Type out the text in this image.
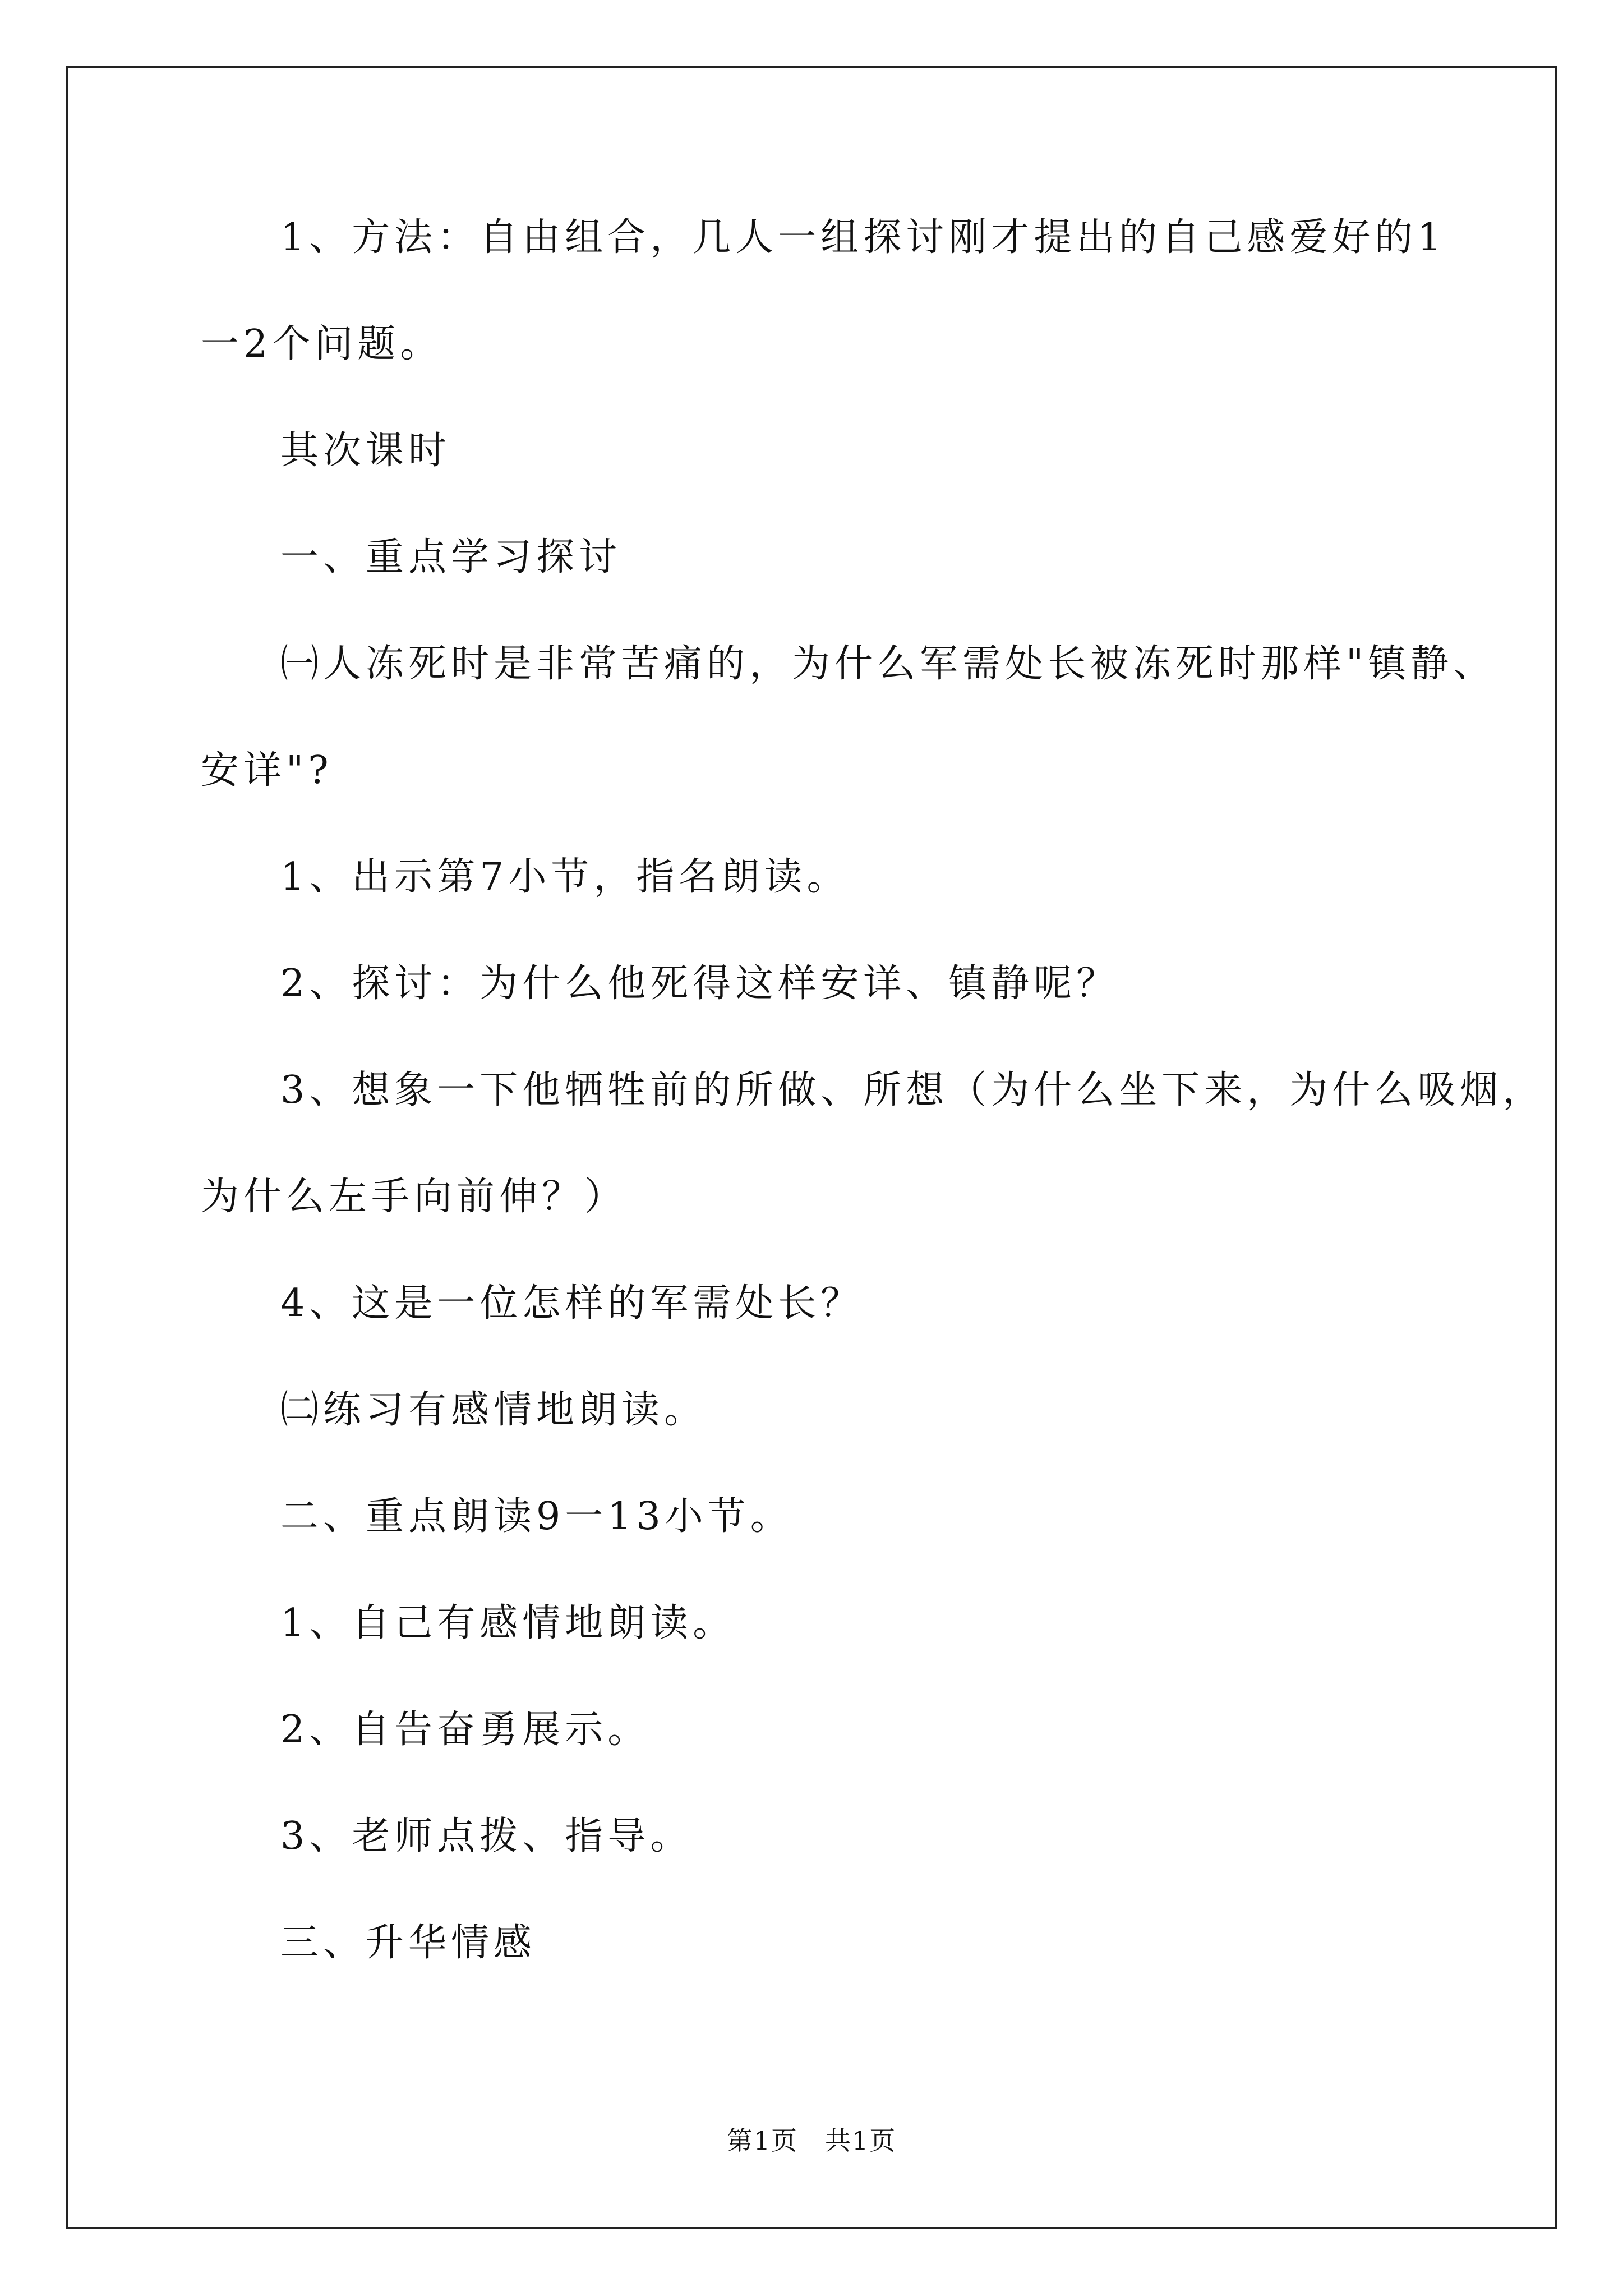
1、方法：自由组合，几人一组探讨刚才提出的自己感爱好的1
一2个问题。
其次课时
一、重点学习探讨
㈠人冻死时是非常苦痛的，为什么军需处长被冻死时那样"镇静、
安详"?
1、出示第7小节，指名朗读。
2、探讨：为什么他死得这样安详、镇静呢？
3、想象一下他牺牲前的所做、所想（为什么坐下来，为什么吸烟，
为什么左手向前伸？）
4、这是一位怎样的军需处长？
㈡练习有感情地朗读。
二、重点朗读9一13小节。
1、自己有感情地朗读。
2、自告奋勇展示。
3、老师点拨、指导。
三、升华情感
第1页 共1页
